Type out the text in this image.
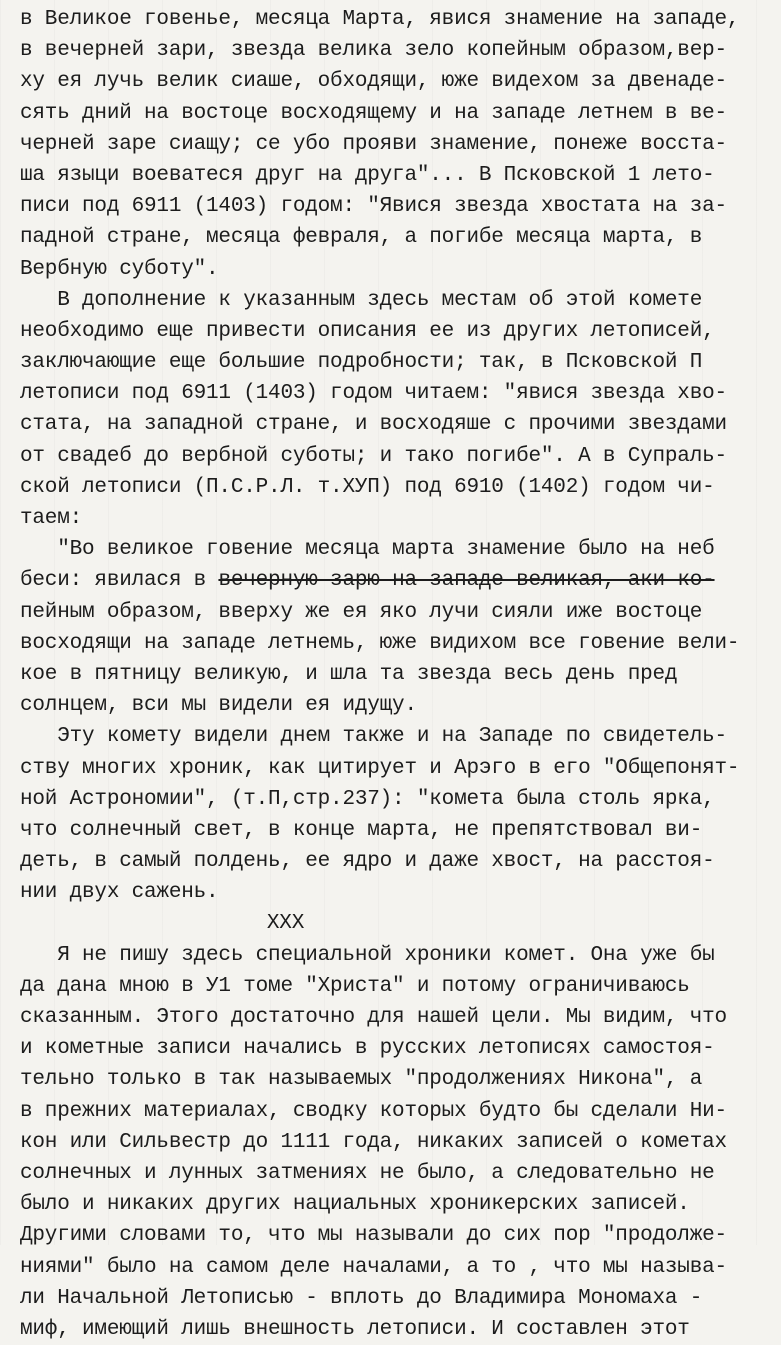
в Великое говенье, месяца Марта, явися знамение на западе,
в вечерней зари, звезда велика зело копейным образом,вер-
ху ея лучь велик сиаше, обходящи, юже видехом за двенаде-
сять дний на востоце восходящему и на западе летнем в ве-
черней заре сиащу; се убо прояви знамение, понеже восста-
ша языци воеватеся друг на друга"... В Псковской 1 лето-
писи под 6911 (1403) годом: "Явися звезда хвостата на за-
падной стране, месяца февраля, а погибе месяца марта, в
Вербную суботу".
В дополнение к указанным здесь местам об этой комете
необходимо еще привести описания ее из других летописей,
заключающие еще большие подробности; так, в Псковской П
летописи под 6911 (1403) годом читаем: "явися звезда хво-
стата, на западной стране, и восходяше с прочими звездами
от свадеб до вербной суботы; и тако погибе". А в Супраль-
ской летописи (П.С.Р.Л. т.ХУП) под 6910 (1402) годом чи-
таем:
"Во великое говение месяца марта знамение было на неб
беси: явилася в вечерную зарю на западе великая, аки ко-
пейным образом, вверху же ея яко лучи сияли иже востоце
восходящи на западе летнемь, юже видихом все говение вели-
кое в пятницу великую, и шла та звезда весь день пред
солнцем, вси мы видели ея идущу.
Эту комету видели днем также и на Западе по свидетель-
ству многих хроник, как цитирует и Арэго в его "Общепонят-
ной Астрономии", (т.П,стр.237): "комета была столь ярка,
что солнечный свет, в конце марта, не препятствовал ви-
деть, в самый полдень, ее ядро и даже хвост, на расстоя-
нии двух сажень.
XXX
Я не пишу здесь специальной хроники комет. Она уже бы
да дана мною в У1 томе "Христа" и потому ограничиваюсь
сказанным. Этого достаточно для нашей цели. Мы видим, что
и кометные записи начались в русских летописях самостоя-
тельно только в так называемых "продолжениях Никона", а
в прежних материалах, сводку которых будто бы сделали Ни-
кон или Сильвестр до 1111 года, никаких записей о кометах
солнечных и лунных затмениях не было, а следовательно не
было и никаких других нациальных хроникерских записей.
Другими словами то, что мы называли до сих пор "продолже-
ниями" было на самом деле началами, а то , что мы называ-
ли Начальной Летописью - вплоть до Владимира Мономаха -
миф, имеющий лишь внешность летописи. И составлен этот
